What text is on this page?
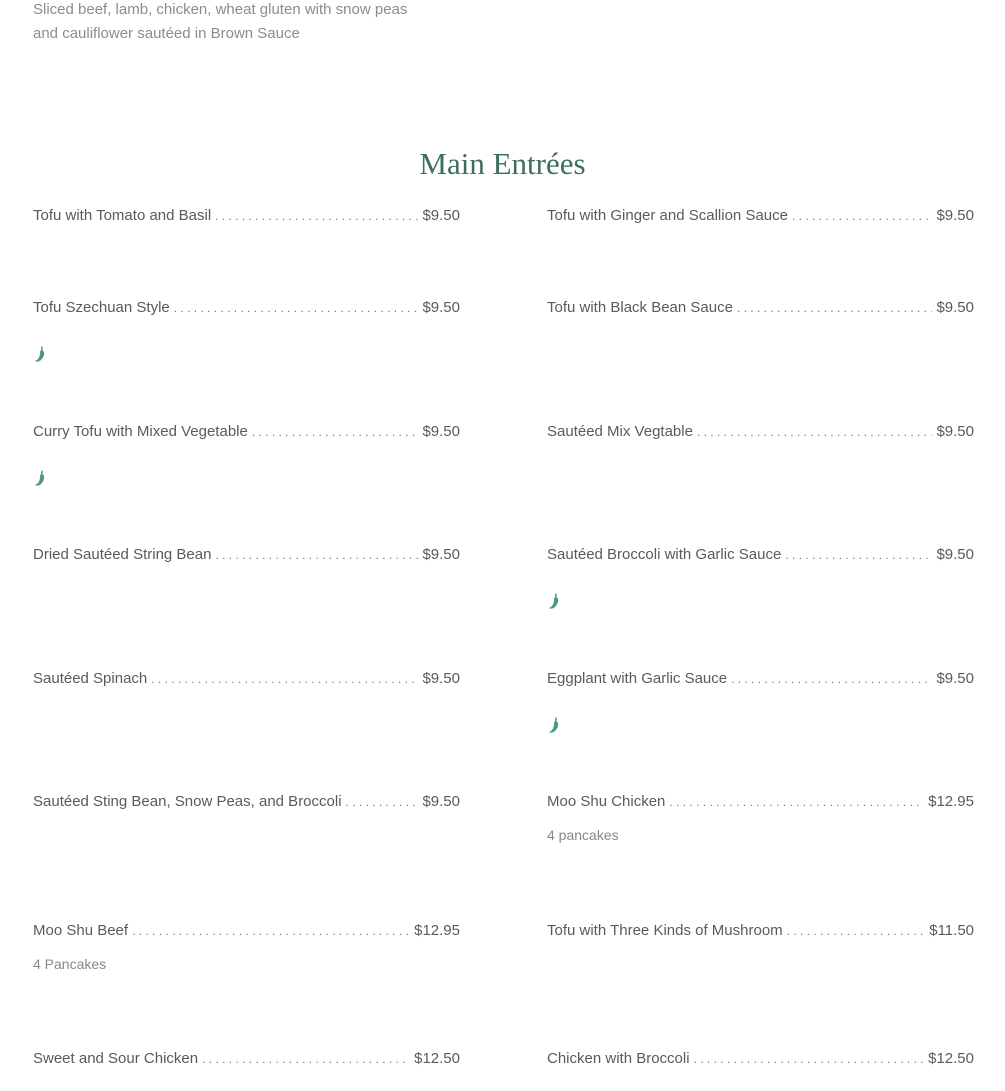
Sliced beef, lamb, chicken, wheat gluten with snow peas and cauliflower sautéed in Brown Sauce
Main Entrées
Tofu with Tomato and Basil . . .	$9.50	Tofu with Ginger and Scallion Sauce . . .	$9.50
Tofu Szechuan Style . . .	$9.50	Tofu with Black Bean Sauce . . .	$9.50
Curry Tofu with Mixed Vegetable . . .	$9.50	Sautéed Mix Vegtable . . .	$9.50
Dried Sautéed String Bean . . .	$9.50	Sautéed Broccoli with Garlic Sauce . . .	$9.50
Sautéed Spinach . . .	$9.50	Eggplant with Garlic Sauce . . .	$9.50
Sautéed Sting Bean, Snow Peas, and Broccoli . . .	$9.50	Moo Shu Chicken . . .	$12.95
4 pancakes
Moo Shu Beef . . .	$12.95
4 Pancakes
Tofu with Three Kinds of Mushroom . . .	$11.50
Sweet and Sour Chicken . . .	$12.50	Chicken with Broccoli . . .	$12.50
